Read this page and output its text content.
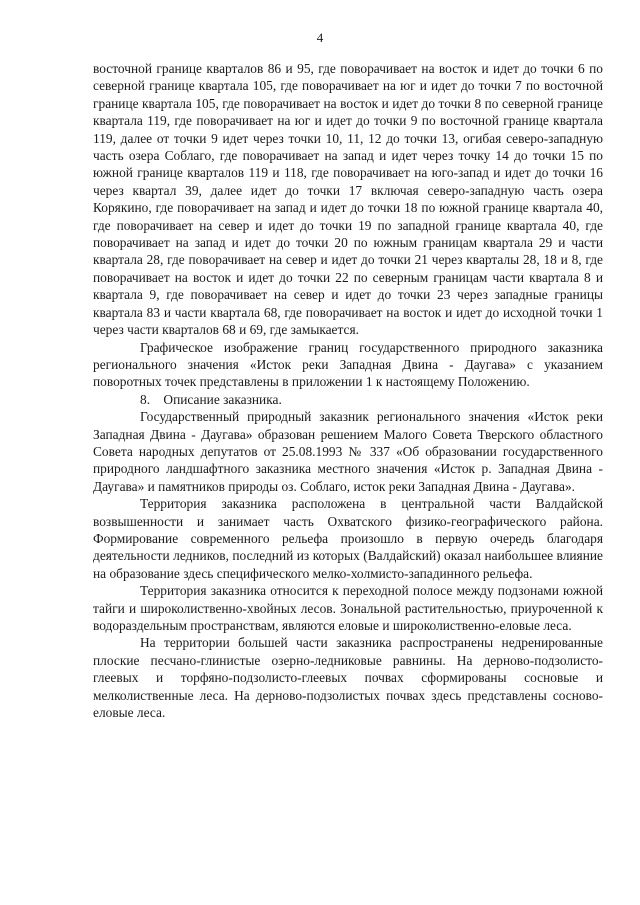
4

восточной границе кварталов 86 и 95, где поворачивает на восток и идет до точки 6 по северной границе квартала 105, где поворачивает на юг и идет до точки 7 по восточной границе квартала 105, где поворачивает на восток и идет до точки 8 по северной границе квартала 119, где поворачивает на юг и идет до точки 9 по восточной границе квартала 119, далее от точки 9 идет через точки 10, 11, 12 до точки 13, огибая северо-западную часть озера Соблаго, где поворачивает на запад и идет через точку 14 до точки 15 по южной границе кварталов 119 и 118, где поворачивает на юго-запад и идет до точки 16 через квартал 39, далее идет до точки 17 включая северо-западную часть озера Корякино, где поворачивает на запад и идет до точки 18 по южной границе квартала 40, где поворачивает на север и идет до точки 19 по западной границе квартала 40, где поворачивает на запад и идет до точки 20 по южным границам квартала 29 и части квартала 28, где поворачивает на север и идет до точки 21 через кварталы 28, 18 и 8, где поворачивает на восток и идет до точки 22 по северным границам части квартала 8 и квартала 9, где поворачивает на север и идет до точки 23 через западные границы квартала 83 и части квартала 68, где поворачивает на восток и идет до исходной точки 1 через части кварталов 68 и 69, где замыкается.

Графическое изображение границ государственного природного заказника регионального значения «Исток реки Западная Двина - Даугава» с указанием поворотных точек представлены в приложении 1 к настоящему Положению.

8.    Описание заказника.

Государственный природный заказник регионального значения «Исток реки Западная Двина - Даугава» образован решением Малого Совета Тверского областного Совета народных депутатов от 25.08.1993 № 337 «Об образовании государственного природного ландшафтного заказника местного значения «Исток р. Западная Двина - Даугава» и памятников природы оз. Соблаго, исток реки Западная Двина - Даугава».

Территория заказника расположена в центральной части Валдайской возвышенности и занимает часть Охватского физико-географического района. Формирование современного рельефа произошло в первую очередь благодаря деятельности ледников, последний из которых (Валдайский) оказал наибольшее влияние на образование здесь специфического мелко-холмисто-западинного рельефа.

Территория заказника относится к переходной полосе между подзонами южной тайги и широколиственно-хвойных лесов. Зональной растительностью, приуроченной к водораздельным пространствам, являются еловые и широколиственно-еловые леса.

На территории большей части заказника распространены недренированные плоские песчано-глинистые озерно-ледниковые равнины. На дерново-подзолисто-глеевых и торфяно-подзолисто-глеевых почвах сформированы сосновые и мелколиственные леса. На дерново-подзолистых почвах здесь представлены сосново-еловые леса.
